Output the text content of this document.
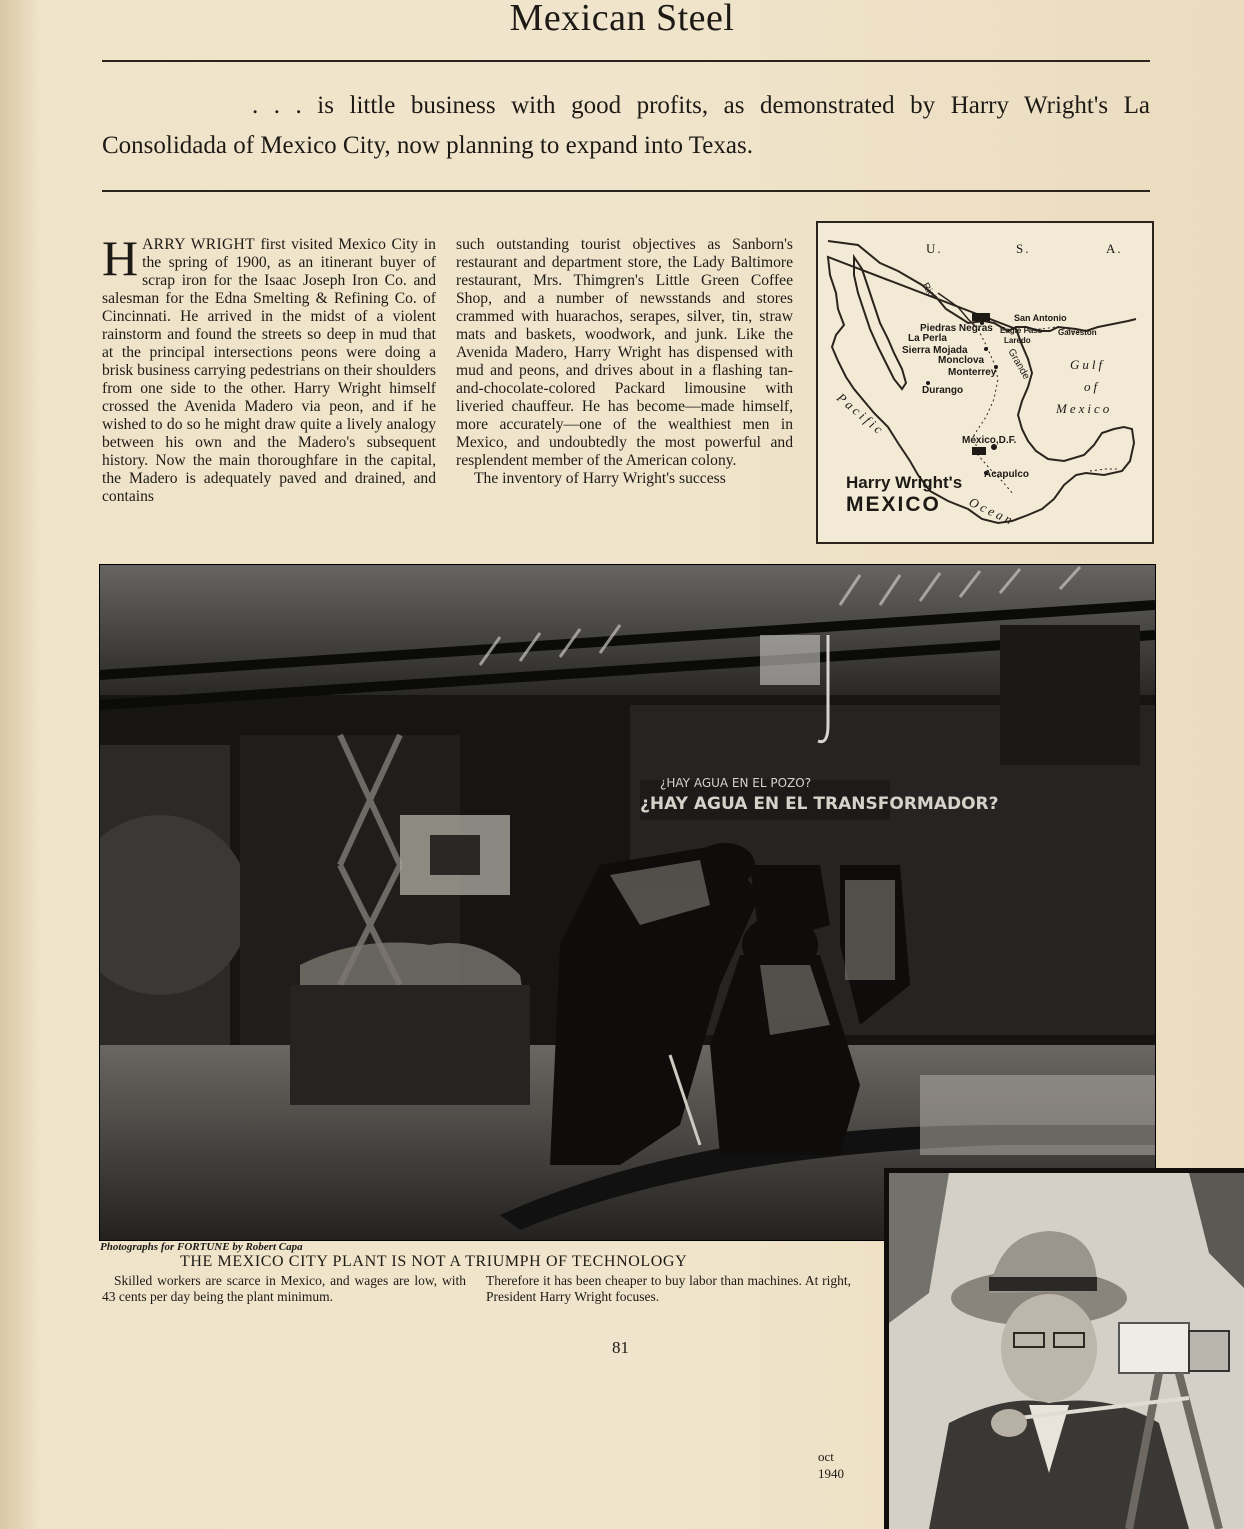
Mexican Steel
. . . is little business with good profits, as demonstrated by Harry Wright's La Consolidada of Mexico City, now planning to expand into Texas.

HARRY WRIGHT first visited Mexico City in the spring of 1900, as an itinerant buyer of scrap iron for the Isaac Joseph Iron Co. and salesman for the Edna Smelting & Refining Co. of Cincinnati. He arrived in the midst of a violent rainstorm and found the streets so deep in mud that at the principal intersections peons were doing a brisk business carrying pedestrians on their shoulders from one side to the other. Harry Wright himself crossed the Avenida Madero via peon, and if he wished to do so he might draw quite a lively analogy between his own and the Madero's subsequent history. Now the main thoroughfare in the capital, the Madero is adequately paved and drained, and contains

such outstanding tourist objectives as Sanborn's restaurant and department store, the Lady Baltimore restaurant, Mrs. Thimgren's Little Green Coffee Shop, and a number of newsstands and stores crammed with huarachos, serapes, silver, tin, straw mats and baskets, woodwork, and junk. Like the Avenida Madero, Harry Wright has dispensed with mud and peons, and drives about in a flashing tan-and-chocolate-colored Packard limousine with liveried chauffeur. He has become—made himself, more accurately—one of the wealthiest men in Mexico, and undoubtedly the most powerful and resplendent member of the American colony.

The inventory of Harry Wright's success

U.	S.	A.
Rio
Grande
Piedras Negras
La Perla
Sierra Mojada
Monclova
Monterrey
Durango
México,D.F.
Acapulco
San Antonio
Eagle Pass
Laredo
Galveston
Gulf
of
Mexico
Pacific
Ocean
Harry Wright's
MEXICO
¿HAY AGUA EN EL POZO?
¿HAY AGUA EN EL TRANSFORMADOR?
Photographs for FORTUNE by Robert Capa
THE MEXICO CITY PLANT IS NOT A TRIUMPH OF TECHNOLOGY
Skilled workers are scarce in Mexico, and wages are low, with 43 cents per day being the plant minimum.
Therefore it has been cheaper to buy labor than machines. At right, President Harry Wright focuses.
81
oct
1940
